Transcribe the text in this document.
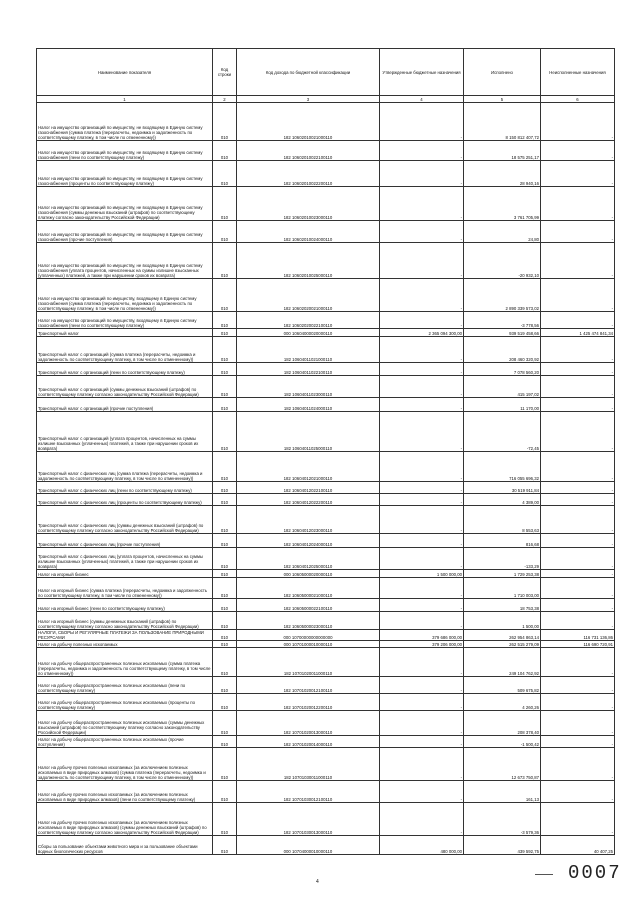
Наименование показателя	Код строки	Код дохода по бюджетной классификации	Утвержденные бюджетные назначения	Исполнено	Неисполненные назначения
1	2	3	4	5	6
Налог на имущество организаций по имуществу, не входящему в Единую систему газоснабжения (сумма платежа (перерасчеты, недоимка и задолженность по соответствующему платежу, в том числе по отмененному))	010	182 10602010021000110	-	8 150 812 407,72	-
Налог на имущество организаций по имуществу, не входящему в Единую систему газоснабжения (пени по соответствующему платежу)	010	182 10602010022100110	-	18 575 251,17	-
Налог на имущество организаций по имуществу, не входящему в Единую систему газоснабжения (проценты по соответствующему платежу)	010	182 10602010022200110	-	28 940,16	-
Налог на имущество организаций по имуществу, не входящему в Единую систему газоснабжения (суммы денежных взысканий (штрафов) по соответствующему платежу согласно законодательству Российской Федерации)	010	182 10602010023000110	-	3 761 705,99	-
Налог на имущество организаций по имуществу, не входящему в Единую систему газоснабжения (прочие поступления)	010	182 10602010024000110	-	24,80	-
Налог на имущество организаций по имуществу, не входящему в Единую систему газоснабжения (уплата процентов, начисленных на суммы излишне взысканных (уплаченных) платежей, а также при нарушении сроков их возврата)	010	182 10602010025000110	-	-20 932,10	-
Налог на имущество организаций по имуществу, входящему в Единую систему газоснабжения (сумма платежа (перерасчеты, недоимка и задолженность по соответствующему платежу, в том числе по отмененному))	010	182 10602020021000110	-	2 890 339 573,02	-
Налог на имущество организаций по имуществу, входящему в Единую систему газоснабжения (пени по соответствующему платежу)	010	182 10602020022100110	-	-3 778,56	-
Транспортный налог	010	000 10604000020000110	2 365 094 300,00	939 519 458,66	1 425 474 841,34
Транспортный налог с организаций (сумма платежа (перерасчеты, недоимка и задолженность по соответствующему платежу, в том числе по отмененному))	010	182 10604011021000110	-	208 460 320,92	-
Транспортный налог с организаций (пени по соответствующему платежу)	010	182 10604011022100110	-	7 078 560,20	-
Транспортный налог с организаций (суммы денежных взысканий (штрафов) по соответствующему платежу согласно законодательству Российской Федерации)	010	182 10604011023000110	-	415 197,02	-
Транспортный налог с организаций (прочие поступления)	010	182 10604011024000110	-	11 170,00	-
Транспортный налог с организаций (уплата процентов, начисленных на суммы излишне взысканных (уплаченных) платежей, а также при нарушении сроков их возврата)	010	182 10604011025000110	-	-72,45	-
Транспортный налог с физических лиц (сумма платежа (перерасчеты, недоимка и задолженность по соответствующему платежу, в том числе по отмененному))	010	182 10604012021000110	-	716 055 696,32	-
Транспортный налог с физических лиц (пени по соответствующему платежу)	010	182 10604012022100110	-	30 519 911,84	-
Транспортный налог с физических лиц (проценты по соответствующему платежу)	010	182 10604012022200110	-	4 389,00	-
Транспортный налог с физических лиц (суммы денежных взысканий (штрафов) по соответствующему платежу согласно законодательству Российской Федерации)	010	182 10604012023000110	-	8 553,63	-
Транспортный налог с физических лиц (прочие поступления)	010	182 10604012024000110	-	816,68	-
Транспортный налог с физических лиц (уплата процентов, начисленных на суммы излишне взысканных (уплаченных) платежей, а также при нарушении сроков их возврата)	010	182 10604012025000110	-	-133,29	-
Налог на игорный бизнес	010	000 10605000020000110	1 500 000,00	1 729 253,38	-
Налог на игорный бизнес (сумма платежа (перерасчеты, недоимка и задолженность по соответствующему платежу, в том числе по отмененному))	010	182 10605000021000110	-	1 710 003,00	-
Налог на игорный бизнес (пени по соответствующему платежу)	010	182 10605000022100110	-	18 753,38	-
Налог на игорный бизнес (суммы денежных взысканий (штрафов) по соответствующему платежу согласно законодательству Российской Федерации)	010	182 10605000023000110	-	1 500,00	-
НАЛОГИ, СБОРЫ И РЕГУЛЯРНЫЕ ПЛАТЕЖИ ЗА ПОЛЬЗОВАНИЕ ПРИРОДНЫМИ РЕСУРСАМИ	010	000 10700000000000000	379 686 000,00	262 954 863,14	116 731 136,86
Налог на добычу полезных ископаемых	010	000 10701000010000110	379 206 000,00	262 515 279,09	116 690 720,91
Налог на добычу общераспространенных полезных ископаемых (сумма платежа (перерасчеты, недоимка и задолженность по соответствующему платежу, в том числе по отмененному))	010	182 10701020011000110	-	249 104 762,92	-
Налог на добычу общераспространенных полезных ископаемых (пени по соответствующему платежу)	010	182 10701020012100110	-	509 675,82	-
Налог на добычу общераспространенных полезных ископаемых (проценты по соответствующему платежу)	010	182 10701020012200110	-	4 260,26	-
Налог на добычу общераспространенных полезных ископаемых (суммы денежных взысканий (штрафов) по соответствующему платежу согласно законодательству Российской Федерации)	010	182 10701020013000110	-	208 378,40	-
Налог на добычу общераспространенных полезных ископаемых (прочие поступления)	010	182 10701020014000110	-	-1 500,42	-
Налог на добычу прочих полезных ископаемых (за исключением полезных ископаемых в виде природных алмазов) (сумма платежа (перерасчеты, недоимка и задолженность по соответствующему платежу, в том числе по отмененному))	010	182 10701030011000110	-	12 673 750,87	-
Налог на добычу прочих полезных ископаемых (за исключением полезных ископаемых в виде природных алмазов) (пени по соответствующему платежу)	010	182 10701030012100110	-	161,13	-
Налог на добычу прочих полезных ископаемых (за исключением полезных ископаемых в виде природных алмазов) (суммы денежных взысканий (штрафов) по соответствующему платежу согласно законодательству Российской Федерации)	010	182 10701030013000110	-	-3 579,36	-
Сборы за пользование объектами животного мира и за пользование объектами водных биологических ресурсов	010	000 10704000010000110	480 000,00	439 592,75	40 407,25
0007
4
